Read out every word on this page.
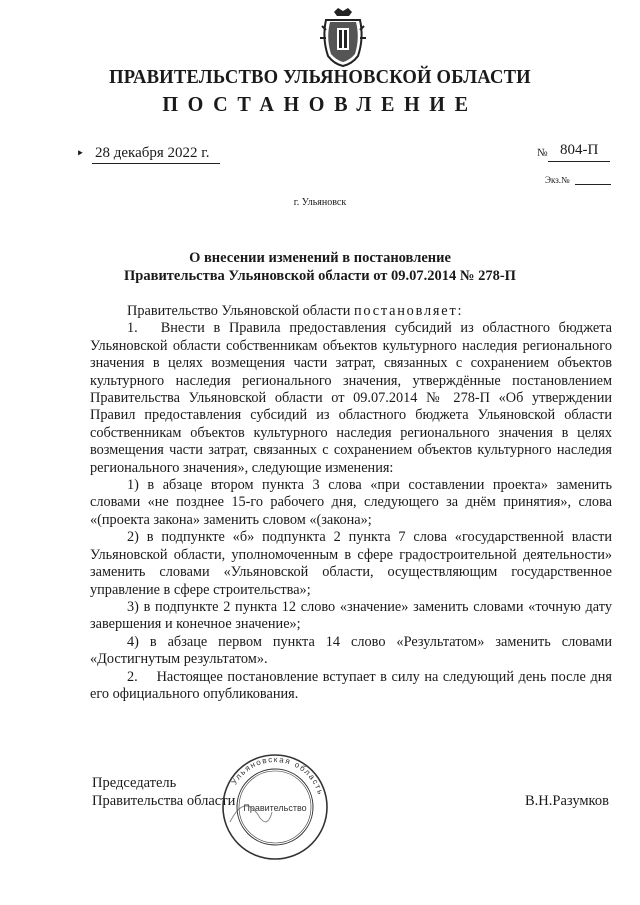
ПРАВИТЕЛЬСТВО УЛЬЯНОВСКОЙ ОБЛАСТИ
ПОСТАНОВЛЕНИЕ
‣ 28 декабря 2022 г.	№ 804-П
Экз.№
г. Ульяновск
О внесении изменений в постановление
Правительства Ульяновской области от 09.07.2014 № 278-П

Правительство Ульяновской области постановляет:

1.  Внести в Правила предоставления субсидий из областного бюджета Ульяновской области собственникам объектов культурного наследия регионального значения в целях возмещения части затрат, связанных с сохранением объектов культурного наследия регионального значения, утверждённые постановлением Правительства Ульяновской области от 09.07.2014 № 278-П «Об утверждении Правил предоставления субсидий из областного бюджета Ульяновской области собственникам объектов культурного наследия регионального значения в целях возмещения части затрат, связанных с сохранением объектов культурного наследия регионального значения», следующие изменения:

1) в абзаце втором пункта 3 слова «при составлении проекта» заменить словами «не позднее 15-го рабочего дня, следующего за днём принятия», слова «(проекта закона» заменить словом «(закона»;

2) в подпункте «б» подпункта 2 пункта 7 слова «государственной власти Ульяновской области, уполномоченным в сфере градостроительной деятельности» заменить словами «Ульяновской области, осуществляющим государственное управление в сфере строительства»;

3) в подпункте 2 пункта 12 слово «значение» заменить словами «точную дату завершения и конечное значение»;

4) в абзаце первом пункта 14 слово «Результатом» заменить словами «Достигнутым результатом».

2.  Настоящее постановление вступает в силу на следующий день после дня его официального опубликования.

Председатель
Правительства области	В.Н.Разумков
Ульяновская область
Правительство
